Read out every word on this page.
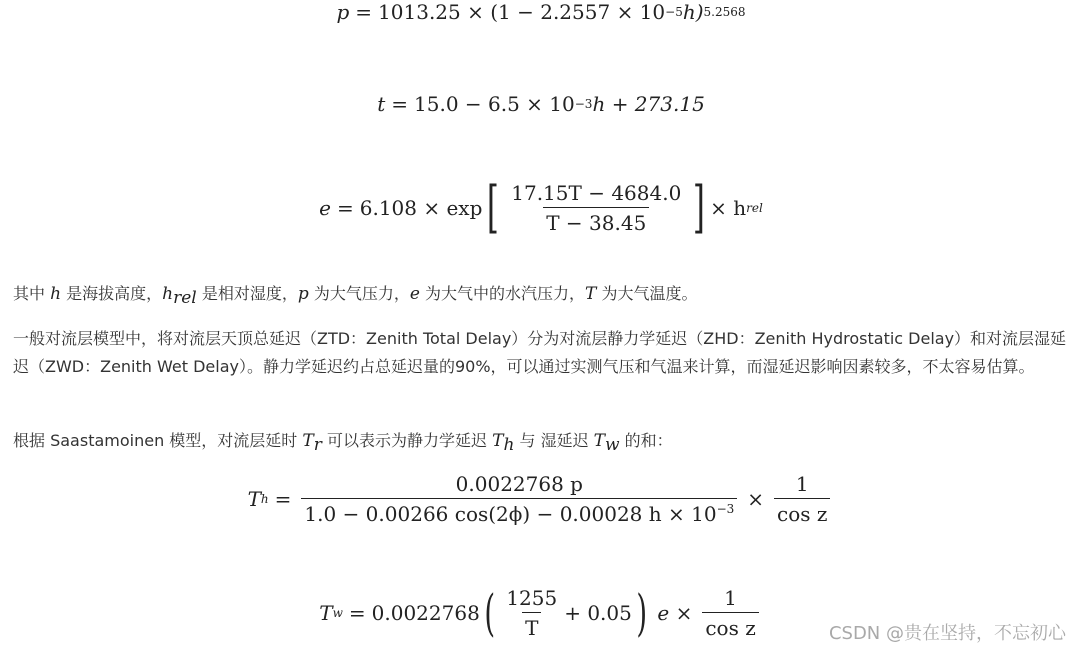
p = 1013.25 × (1 − 2.2557 × 10 −5 h) 5.2568
t = 15.0 − 6.5 × 10 −3 h + 273.15
e = 6.108 × exp [ $\frac{17.15T - 4684.0}{T - 38.45}$ ] × h rel
其中 h 是海拔高度，$h_{rel}$ 是相对湿度，p 为大气压力，e 为大气中的水汽压力，T 为大气温度。
一般对流层模型中，将对流层天顶总延迟（ZTD：Zenith Total Delay）分为对流层静力学延迟（ZHD：Zenith Hydrostatic Delay）和对流层湿延迟（ZWD：Zenith Wet Delay）。静力学延迟约占总延迟量的90%，可以通过实测气压和气温来计算，而湿延迟影响因素较多，不太容易估算。
根据 Saastamoinen 模型，对流层延时 $T_r$ 可以表示为静力学延迟 $T_h$ 与 湿延迟 $T_w$ 的和：
T $h = \frac{0.0022768 p}{1.0 - 0.00266 \cos(2\phi) - 0.00028 h \times 10^{-3}} \times \frac{1}{\text{cos z}}$
T w = 0.0022768 ( $\frac{1255}{T} + 0.05$ ) $e \times \frac{1}{\text{cos z}}$	CSDN @贵在坚持，不忘初心
